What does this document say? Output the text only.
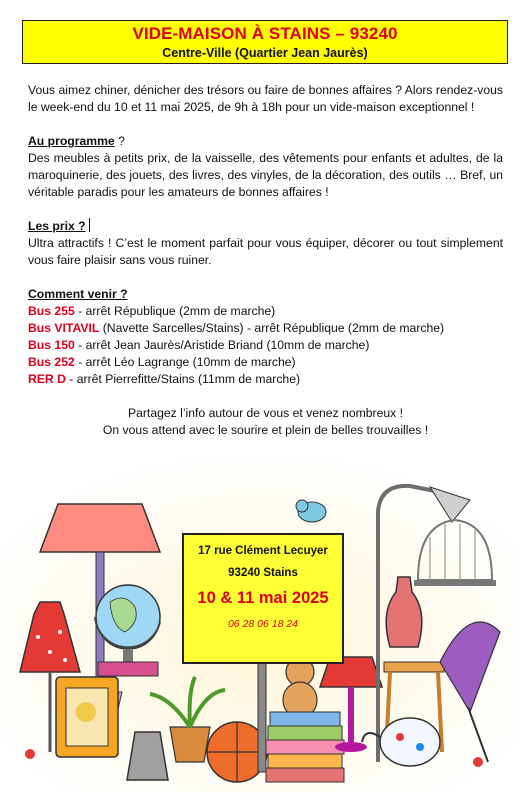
VIDE-MAISON À STAINS – 93240
Centre-Ville (Quartier Jean Jaurès)

Vous aimez chiner, dénicher des trésors ou faire de bonnes affaires ? Alors rendez-vous le week-end du 10 et 11 mai 2025, de 9h à 18h pour un vide-maison exceptionnel !

Au programme ?

Des meubles à petits prix, de la vaisselle, des vêtements pour enfants et adultes, de la maroquinerie, des jouets, des livres, des vinyles, de la décoration, des outils … Bref, un véritable paradis pour les amateurs de bonnes affaires !

Les prix ?

Ultra attractifs ! C’est le moment parfait pour vous équiper, décorer ou tout simplement vous faire plaisir sans vous ruiner.

Comment venir ?

Bus 255 - arrêt République (2mm de marche)

Bus VITAVIL (Navette Sarcelles/Stains) - arrêt République (2mm de marche)

Bus 150 - arrêt Jean Jaurès/Aristide Briand (10mm de marche)

Bus 252 - arrêt Léo Lagrange (10mm de marche)

RER D - arrêt Pierrefitte/Stains (11mm de marche)

Partagez l’info autour de vous et venez nombreux !

On vous attend avec le sourire et plein de belles trouvailles !

17 rue Clément Lecuyer
93240 Stains
10 & 11 mai 2025
06 28 06 18 24
